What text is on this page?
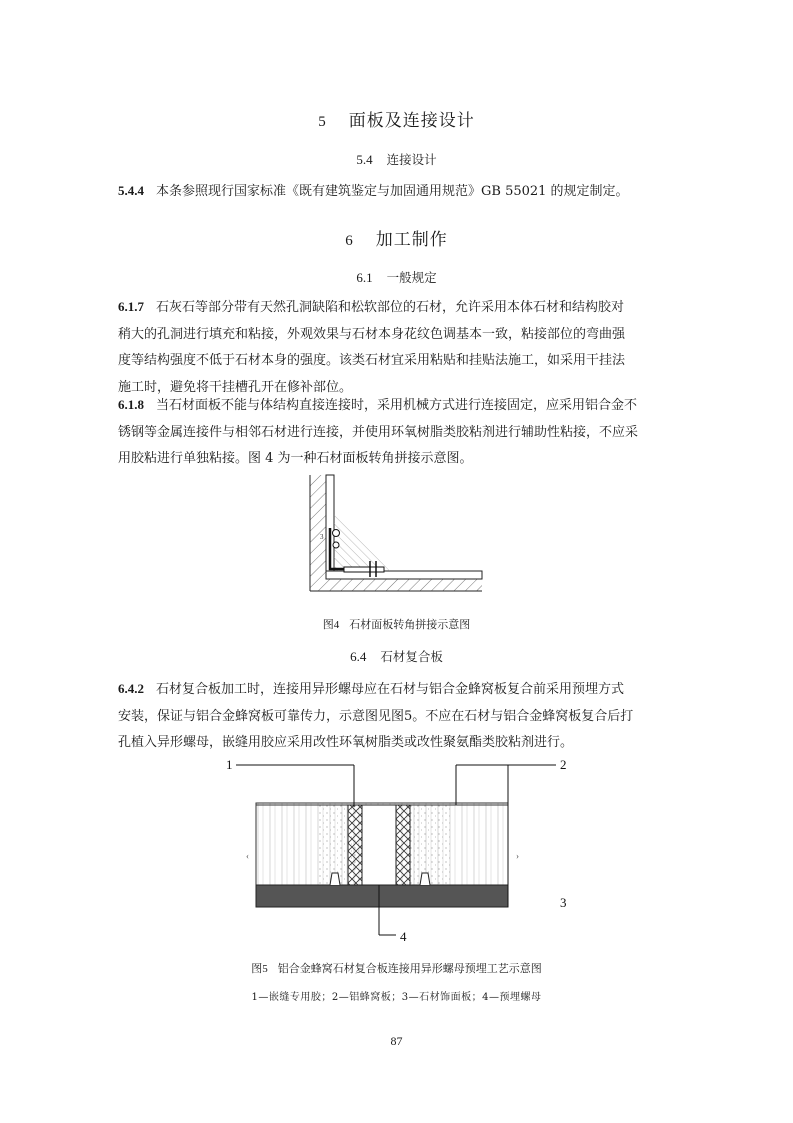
5 面板及连接设计
5.4 连接设计
5.4.4 本条参照现行国家标准《既有建筑鉴定与加固通用规范》GB 55021 的规定制定。
6 加工制作
6.1 一般规定
6.1.7 石灰石等部分带有天然孔洞缺陷和松软部位的石材，允许采用本体石材和结构胶对
稍大的孔洞进行填充和粘接，外观效果与石材本身花纹色调基本一致，粘接部位的弯曲强
度等结构强度不低于石材本身的强度。该类石材宜采用粘贴和挂贴法施工，如采用干挂法
施工时，避免将干挂槽孔开在修补部位。
6.1.8 当石材面板不能与体结构直接连接时，采用机械方式进行连接固定，应采用铝合金不
锈钢等金属连接件与相邻石材进行连接，并使用环氧树脂类胶粘剂进行辅助性粘接，不应采
用胶粘进行单独粘接。图 4 为一种石材面板转角拼接示意图。
3
图4 石材面板转角拼接示意图
6.4 石材复合板
6.4.2 石材复合板加工时，连接用异形螺母应在石材与铝合金蜂窝板复合前采用预埋方式
安装，保证与铝合金蜂窝板可靠传力，示意图见图5。不应在石材与铝合金蜂窝板复合后打
孔植入异形螺母，嵌缝用胶应采用改性环氧树脂类或改性聚氨酯类胶粘剂进行。
‹	›
1	2
3
4
图5 铝合金蜂窝石材复合板连接用异形螺母预埋工艺示意图
1—嵌缝专用胶；2—铝蜂窝板；3—石材饰面板；4—预埋螺母
87
